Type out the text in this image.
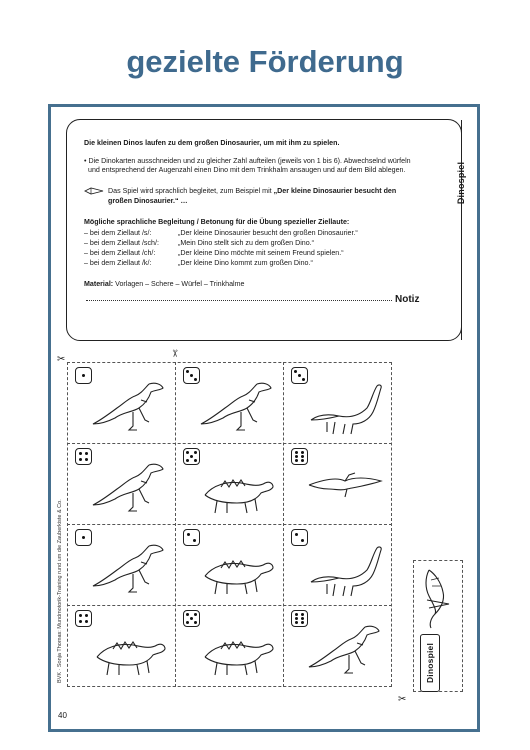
gezielte Förderung
Dinospiel
Die kleinen Dinos laufen zu dem großen Dinosaurier, um mit ihm zu spielen.
• Die Dinokarten ausschneiden und zu gleicher Zahl aufteilen (jeweils von 1 bis 6). Abwechselnd würfeln
und entsprechend der Augenzahl einen Dino mit dem Trinkhalm ansaugen und auf dem Bild ablegen.
Das Spiel wird sprachlich begleitet, zum Beispiel mit „Der kleine Dinosaurier besucht den
großen Dinosaurier.“ …
Mögliche sprachliche Begleitung / Betonung für die Übung spezieller Ziellaute:
– bei dem Ziellaut /s/:	„Der kleine Dinosaurier besucht den großen Dinosaurier.“
– bei dem Ziellaut /sch/:	„Mein Dino stellt sich zu dem großen Dino.“
– bei dem Ziellaut /ch/:	„Der kleine Dino möchte mit seinem Freund spielen.“
– bei dem Ziellaut /k/:	„Der kleine Dino kommt zum großen Dino.“
Material: Vorlagen – Schere – Würfel – Trinkhalme
Notiz
✂
✂
✂
Dinospiel
BVK · Sonja Thomas: Mundmotorik-Training rund um die Zauberkiste & Co.
40
